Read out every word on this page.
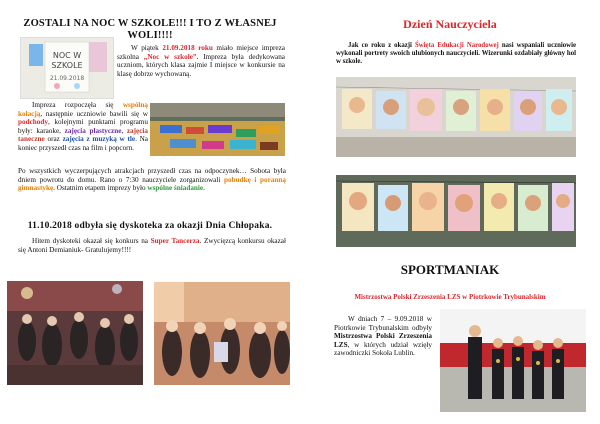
ZOSTALI NA NOC W SZKOLE!!! I TO Z WŁASNEJ
WOLI!!!!
NOC W
SZKOLE
21.09.2018
W piątek 21.09.2018 roku miało miejsce impreza szkolna „Noc w szkole”. Impreza była dedykowana uczniom, których klasa zajmie I miejsce w konkursie na klasę dobrze wychowaną.
Impreza rozpoczęła się wspólną kolacją, następnie uczniowie bawili się w podchody, kolejnymi punktami programu były: karaoke, zajęcia plastyczne, zajęcia taneczne oraz zajęcia z muzyką w tle. Na koniec przyszedł czas na film i popcorn.
Po wszystkich wyczerpujących atrakcjach przyszedł czas na odpoczynek… Sobota była dniem powrotu do domu. Rano o 7:30 nauczyciele zorganizowali pobudkę i poranną gimnastykę. Ostatnim etapem imprezy było wspólne śniadanie.
11.10.2018 odbyła się dyskoteka za okazji Dnia Chłopaka.
Hitem dyskoteki okazał się konkurs na Super Tancerza. Zwycięzcą konkursu okazał się Antoni Demianiuk- Gratulujemy!!!!
Dzień Nauczyciela
Jak co roku z okazji Święta Edukacji Narodowej nasi wspaniali uczniowie wykonali portrety swoich ulubionych nauczycieli. Wizerunki ozdabiały główny hol w szkole.
SPORTMANIAK
Mistrzostwa Polski Zrzeszenia LZS w Piotrkowie Trybunalskim
W dniach 7 – 9.09.2018 w Piotrkowie Trybunalskim odbyły Mistrzostwa Polski Zrzeszenia LZS, w których udział wzięły zawodniczki Sokoła Lublin.
